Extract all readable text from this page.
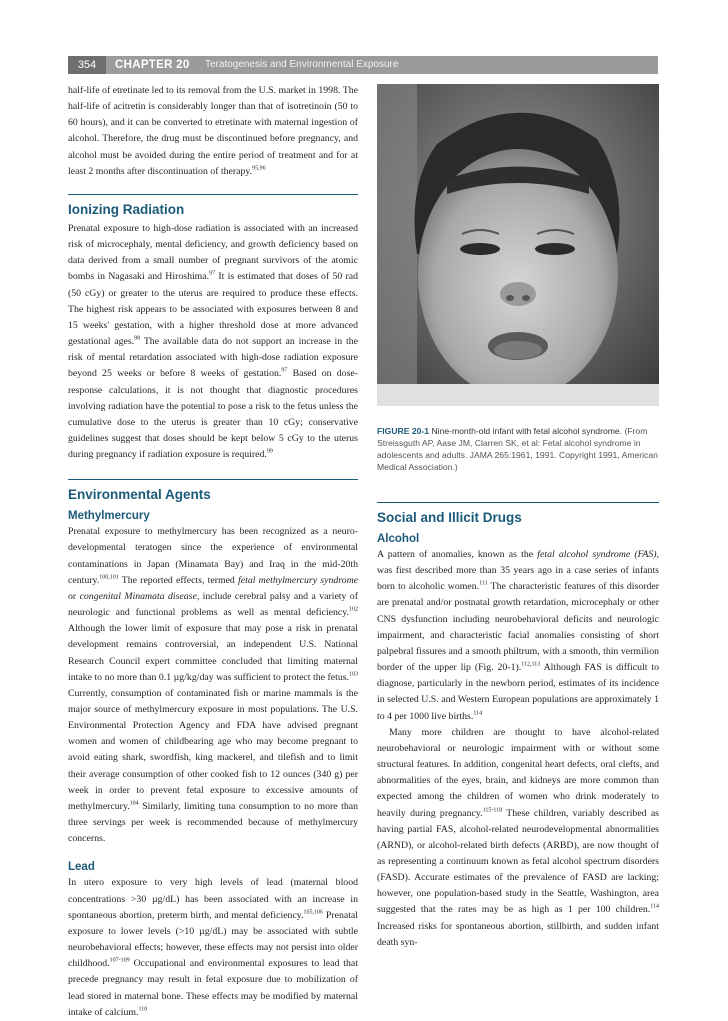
354	CHAPTER 20 Teratogenesis and Environmental Exposure

half-life of etretinate led to its removal from the U.S. market in 1998. The half-life of acitretin is considerably longer than that of isotretinoin (50 to 60 hours), and it can be converted to etretinate with maternal ingestion of alcohol. Therefore, the drug must be discontinued before pregnancy, and alcohol must be avoided during the entire period of treatment and for at least 2 months after discontinuation of therapy.$^{95,96}$

Ionizing Radiation

Prenatal exposure to high-dose radiation is associated with an increased risk of microcephaly, mental deficiency, and growth deficiency based on data derived from a small number of pregnant survivors of the atomic bombs in Nagasaki and Hiroshima.$^{97}$ It is estimated that doses of 50 rad (50 cGy) or greater to the uterus are required to produce these effects. The highest risk appears to be associated with exposures between 8 and 15 weeks' gestation, with a higher threshold dose at more advanced gestational ages.$^{98}$ The available data do not support an increase in the risk of mental retardation associated with high-dose radiation exposure beyond 25 weeks or before 8 weeks of gestation.$^{97}$ Based on dose-response calculations, it is not thought that diagnostic procedures involving radiation have the potential to pose a risk to the fetus unless the cumulative dose to the uterus is greater than 10 cGy; conservative guidelines suggest that doses should be kept below 5 cGy to the uterus during pregnancy if radiation exposure is required.$^{99}$

Environmental Agents
Methylmercury

Prenatal exposure to methylmercury has been recognized as a neuro-developmental teratogen since the experience of environmental contaminations in Japan (Minamata Bay) and Iraq in the mid-20th century.$^{100,101}$ The reported effects, termed fetal methylmercury syndrome or congenital Minamata disease, include cerebral palsy and a variety of neurologic and functional problems as well as mental deficiency.$^{102}$ Although the lower limit of exposure that may pose a risk in prenatal development remains controversial, an independent U.S. National Research Council expert committee concluded that limiting maternal intake to no more than 0.1 µg/kg/day was sufficient to protect the fetus.$^{103}$ Currently, consumption of contaminated fish or marine mammals is the major source of methylmercury exposure in most populations. The U.S. Environmental Protection Agency and FDA have advised pregnant women and women of childbearing age who may become pregnant to avoid eating shark, swordfish, king mackerel, and tilefish and to limit their average consumption of other cooked fish to 12 ounces (340 g) per week in order to prevent fetal exposure to excessive amounts of methylmercury.$^{104}$ Similarly, limiting tuna consumption to no more than three servings per week is recommended because of methylmercury concerns.

Lead

In utero exposure to very high levels of lead (maternal blood concentrations >30 µg/dL) has been associated with an increase in spontaneous abortion, preterm birth, and mental deficiency.$^{105,106}$ Prenatal exposure to lower levels (>10 µg/dL) may be associated with subtle neurobehavioral effects; however, these effects may not persist into older childhood.$^{107-109}$ Occupational and environmental exposures to lead that precede pregnancy may result in fetal exposure due to mobilization of lead stored in maternal bone. These effects may be modified by maternal intake of calcium.$^{110}$

FIGURE 20-1 Nine-month-old infant with fetal alcohol syndrome. (From Streissguth AP, Aase JM, Clarren SK, et al: Fetal alcohol syndrome in adolescents and adults. JAMA 265:1961, 1991. Copyright 1991, American Medical Association.)
Social and Illicit Drugs
Alcohol

A pattern of anomalies, known as the fetal alcohol syndrome (FAS), was first described more than 35 years ago in a case series of infants born to alcoholic women.$^{111}$ The characteristic features of this disorder are prenatal and/or postnatal growth retardation, microcephaly or other CNS dysfunction including neurobehavioral deficits and neurologic impairment, and characteristic facial anomalies consisting of short palpebral fissures and a smooth philtrum, with a smooth, thin vermilion border of the upper lip (Fig. 20-1).$^{112,113}$ Although FAS is difficult to diagnose, particularly in the newborn period, estimates of its incidence in selected U.S. and Western European populations are approximately 1 to 4 per 1000 live births.$^{114}$

Many more children are thought to have alcohol-related neurobehavioral or neurologic impairment with or without some structural features. In addition, congenital heart defects, oral clefts, and abnormalities of the eyes, brain, and kidneys are more common than expected among the children of women who drink moderately to heavily during pregnancy.$^{115-118}$ These children, variably described as having partial FAS, alcohol-related neurodevelopmental abnormalities (ARND), or alcohol-related birth defects (ARBD), are now thought of as representing a continuum known as fetal alcohol spectrum disorders (FASD). Accurate estimates of the prevalence of FASD are lacking; however, one population-based study in the Seattle, Washington, area suggested that the rates may be as high as 1 per 100 children.$^{114}$ Increased risks for spontaneous abortion, stillbirth, and sudden infant death syn-
